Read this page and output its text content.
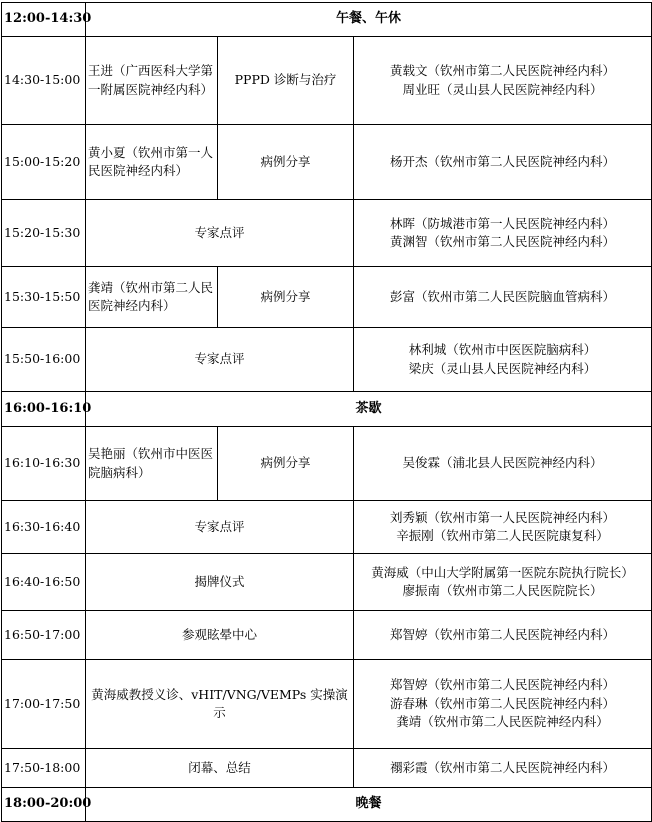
12:00-14:30	午餐、午休		
14:30-15:00	王进（广西医科大学第一附属医院神经内科）	PPPD 诊断与治疗	黄载文（钦州市第二人民医院神经内科）
周业旺（灵山县人民医院神经内科）

15:00-15:20	黄小夏（钦州市第一人民医院神经内科）	病例分享	杨开杰（钦州市第二人民医院神经内科）

15:20-15:30	专家点评		林晖（防城港市第一人民医院神经内科）
黄渊智（钦州市第二人民医院神经内科）

15:30-15:50	龚靖（钦州市第二人民医院神经内科）	病例分享	彭富（钦州市第二人民医院脑血管病科）

15:50-16:00	专家点评		林利城（钦州市中医医院脑病科）
梁庆（灵山县人民医院神经内科）

16:00-16:10	茶歇		
16:10-16:30	吴艳丽（钦州市中医医院脑病科）	病例分享	吴俊霖（浦北县人民医院神经内科）

16:30-16:40	专家点评		刘秀颖（钦州市第一人民医院神经内科）
辛振刚（钦州市第二人民医院康复科）

16:40-16:50	揭牌仪式		黄海威（中山大学附属第一医院东院执行院长）
廖振南（钦州市第二人民医院院长）

16:50-17:00	参观眩晕中心		郑智婷（钦州市第二人民医院神经内科）

17:00-17:50	黄海威教授义诊、vHIT/VNG/VEMPs 实操演示		郑智婷（钦州市第二人民医院神经内科）
游春琳（钦州市第二人民医院神经内科）
龚靖（钦州市第二人民医院神经内科）

17:50-18:00	闭幕、总结		禤彩霞（钦州市第二人民医院神经内科）

18:00-20:00	晚餐		
